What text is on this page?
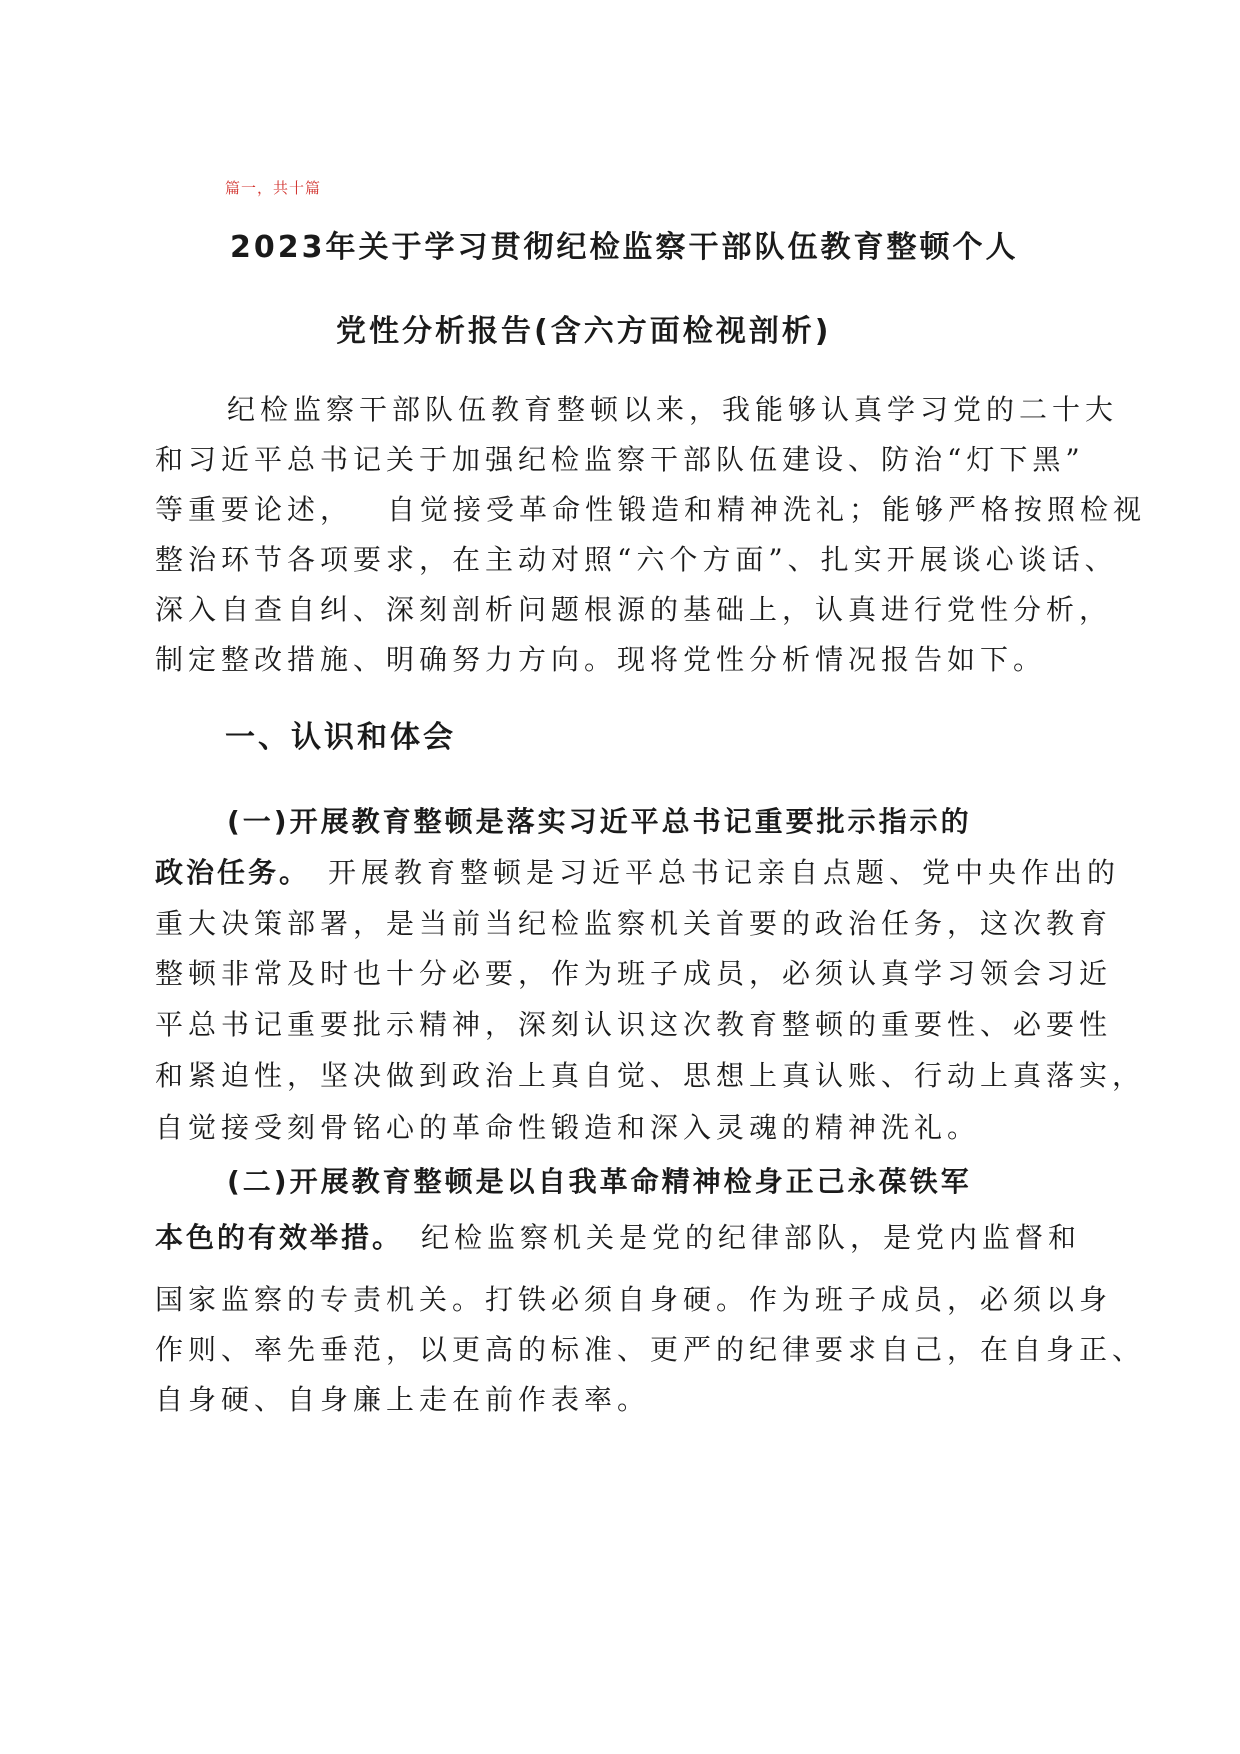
篇一，共十篇
2023年关于学习贯彻纪检监察干部队伍教育整顿个人
党性分析报告(含六方面检视剖析)
纪检监察干部队伍教育整顿以来，我能够认真学习党的二十大
和习近平总书记关于加强纪检监察干部队伍建设、防治“灯下黑”
等重要论述， 自觉接受革命性锻造和精神洗礼；能够严格按照检视
整治环节各项要求，在主动对照“六个方面”、扎实开展谈心谈话、
深入自查自纠、深刻剖析问题根源的基础上，认真进行党性分析，
制定整改措施、明确努力方向。现将党性分析情况报告如下。
一、认识和体会
(一)开展教育整顿是落实习近平总书记重要批示指示的
政治任务。 开展教育整顿是习近平总书记亲自点题、党中央作出的
重大决策部署，是当前当纪检监察机关首要的政治任务，这次教育
整顿非常及时也十分必要，作为班子成员，必须认真学习领会习近
平总书记重要批示精神，深刻认识这次教育整顿的重要性、必要性
和紧迫性，坚决做到政治上真自觉、思想上真认账、行动上真落实，
自觉接受刻骨铭心的革命性锻造和深入灵魂的精神洗礼。
(二)开展教育整顿是以自我革命精神检身正己永葆铁军
本色的有效举措。 纪检监察机关是党的纪律部队，是党内监督和
国家监察的专责机关。打铁必须自身硬。作为班子成员，必须以身
作则、率先垂范，以更高的标准、更严的纪律要求自己，在自身正、
自身硬、自身廉上走在前作表率。
